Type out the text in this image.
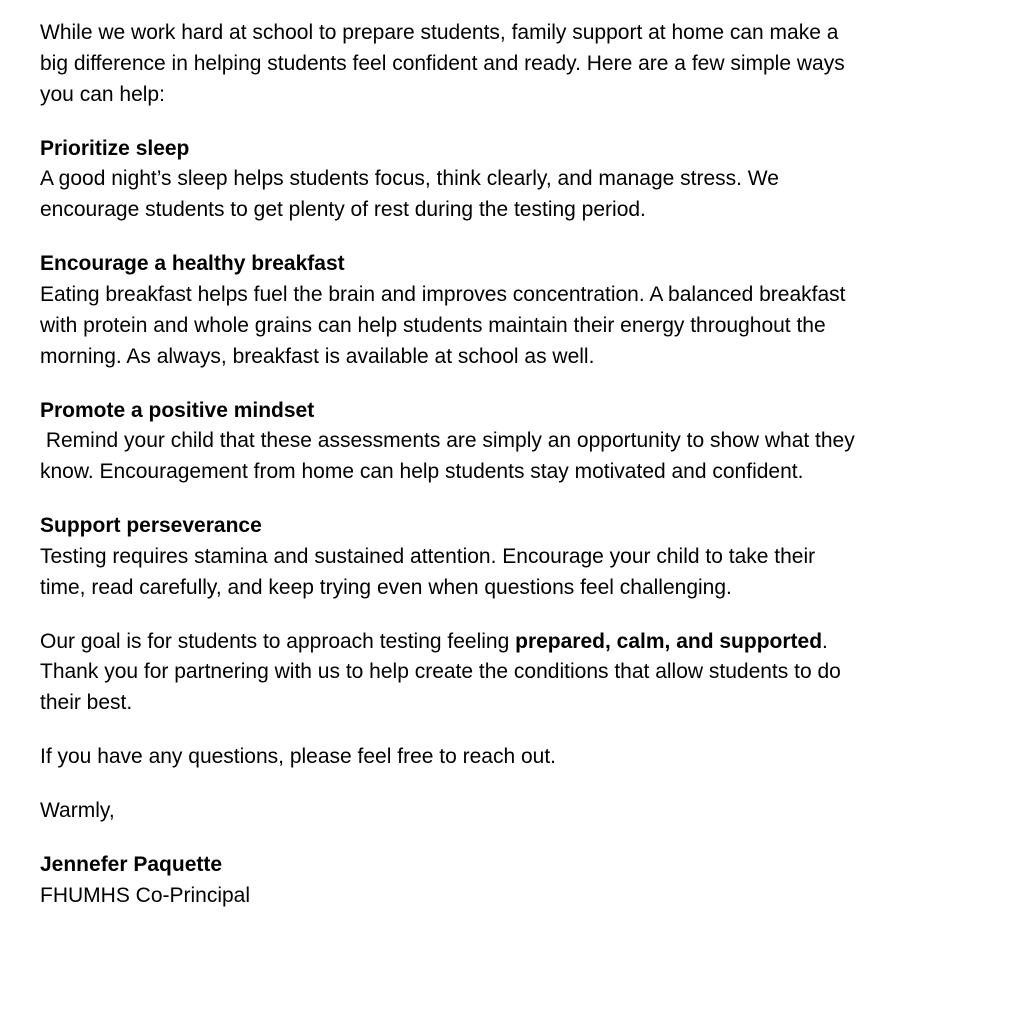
While we work hard at school to prepare students, family support at home can make a
big difference in helping students feel confident and ready. Here are a few simple ways
you can help:

Prioritize sleep
A good night’s sleep helps students focus, think clearly, and manage stress. We
encourage students to get plenty of rest during the testing period.

Encourage a healthy breakfast
Eating breakfast helps fuel the brain and improves concentration. A balanced breakfast
with protein and whole grains can help students maintain their energy throughout the
morning. As always, breakfast is available at school as well.

Promote a positive mindset
Remind your child that these assessments are simply an opportunity to show what they
know. Encouragement from home can help students stay motivated and confident.

Support perseverance
Testing requires stamina and sustained attention. Encourage your child to take their
time, read carefully, and keep trying even when questions feel challenging.

Our goal is for students to approach testing feeling prepared, calm, and supported.
Thank you for partnering with us to help create the conditions that allow students to do
their best.

If you have any questions, please feel free to reach out.

Warmly,

Jennefer Paquette
FHUMHS Co-Principal
